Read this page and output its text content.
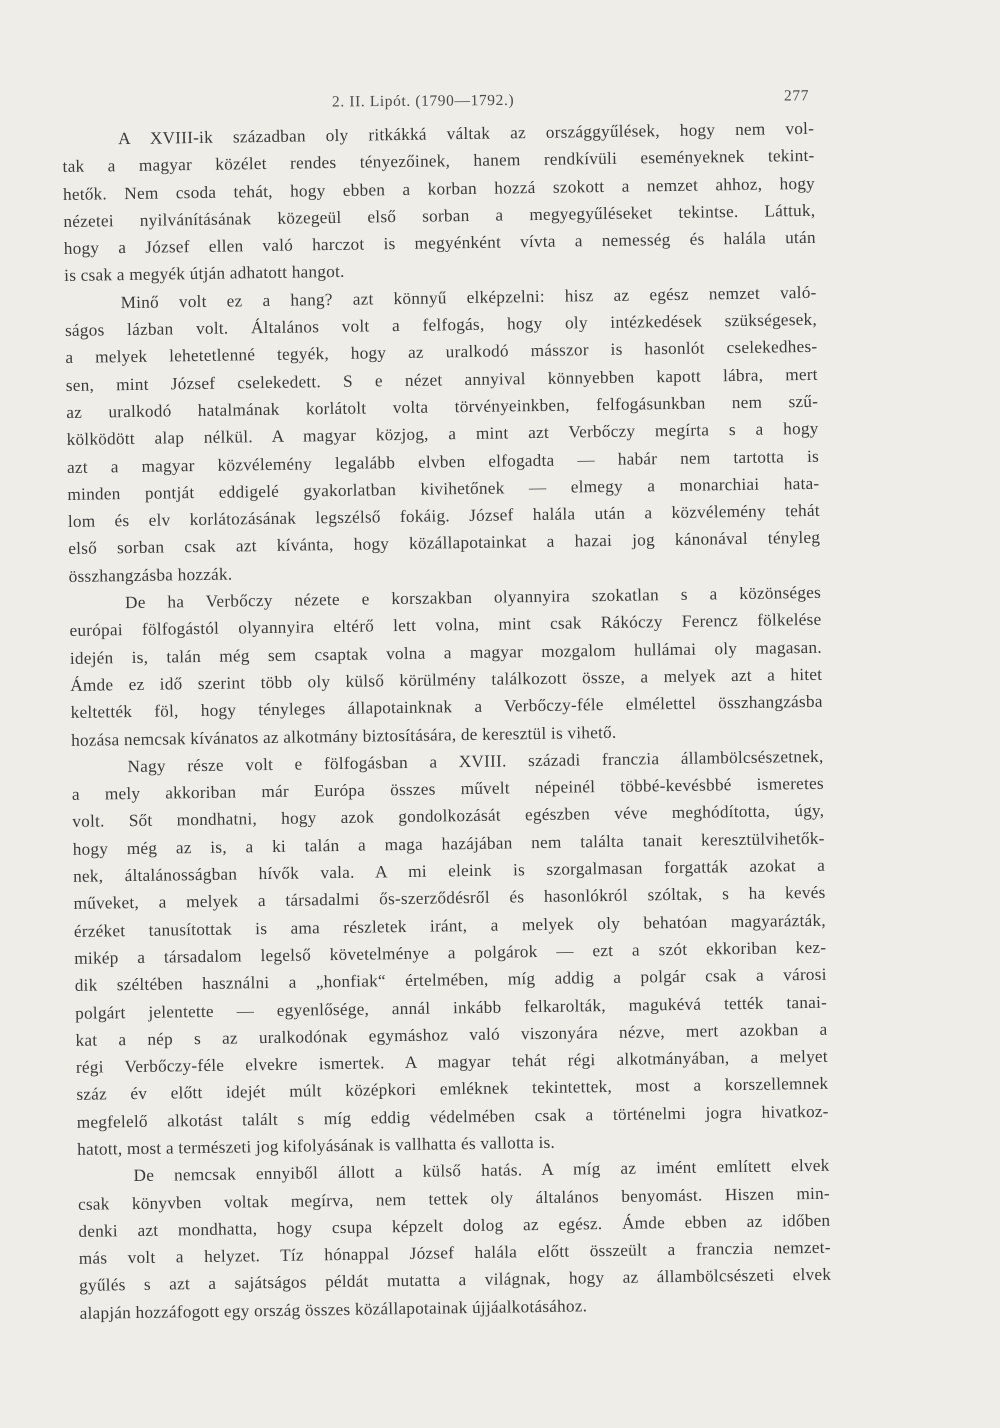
2. II. Lipót. (1790—1792.)	277
A XVIII-ik században oly ritkákká váltak az országgyűlések, hogy nem vol-
tak a magyar közélet rendes tényezőinek, hanem rendkívüli eseményeknek tekint-
hetők. Nem csoda tehát, hogy ebben a korban hozzá szokott a nemzet ahhoz, hogy
nézetei nyilvánításának közegeül első sorban a megyegyűléseket tekintse. Láttuk,
hogy a József ellen való harczot is megyénként vívta a nemesség és halála után
is csak a megyék útján adhatott hangot.
Minő volt ez a hang? azt könnyű elképzelni: hisz az egész nemzet való-
ságos lázban volt. Általános volt a felfogás, hogy oly intézkedések szükségesek,
a melyek lehetetlenné tegyék, hogy az uralkodó másszor is hasonlót cselekedhes-
sen, mint József cselekedett. S e nézet annyival könnyebben kapott lábra, mert
az uralkodó hatalmának korlátolt volta törvényeinkben, felfogásunkban nem szű-
kölködött alap nélkül. A magyar közjog, a mint azt Verbőczy megírta s a hogy
azt a magyar közvélemény legalább elvben elfogadta — habár nem tartotta is
minden pontját eddigelé gyakorlatban kivihetőnek — elmegy a monarchiai hata-
lom és elv korlátozásának legszélső fokáig. József halála után a közvélemény tehát
első sorban csak azt kívánta, hogy közállapotainkat a hazai jog kánonával tényleg
összhangzásba hozzák.
De ha Verbőczy nézete e korszakban olyannyira szokatlan s a közönséges
európai fölfogástól olyannyira eltérő lett volna, mint csak Rákóczy Ferencz fölkelése
idején is, talán még sem csaptak volna a magyar mozgalom hullámai oly magasan.
Ámde ez idő szerint több oly külső körülmény találkozott össze, a melyek azt a hitet
keltették föl, hogy tényleges állapotainknak a Verbőczy-féle elmélettel összhangzásba
hozása nemcsak kívánatos az alkotmány biztosítására, de keresztül is vihető.
Nagy része volt e fölfogásban a XVIII. századi franczia állambölcsészetnek,
a mely akkoriban már Európa összes művelt népeinél többé-kevésbbé ismeretes
volt. Sőt mondhatni, hogy azok gondolkozását egészben véve meghódította, úgy,
hogy még az is, a ki talán a maga hazájában nem találta tanait keresztülvihetők-
nek, általánosságban hívők vala. A mi eleink is szorgalmasan forgatták azokat a
műveket, a melyek a társadalmi ős-szerződésről és hasonlókról szóltak, s ha kevés
érzéket tanusítottak is ama részletek iránt, a melyek oly behatóan magyarázták,
mikép a társadalom legelső követelménye a polgárok — ezt a szót ekkoriban kez-
dik széltében használni a „honfiak“ értelmében, míg addig a polgár csak a városi
polgárt jelentette — egyenlősége, annál inkább felkarolták, magukévá tették tanai-
kat a nép s az uralkodónak egymáshoz való viszonyára nézve, mert azokban a
régi Verbőczy-féle elvekre ismertek. A magyar tehát régi alkotmányában, a melyet
száz év előtt idejét múlt középkori emléknek tekintettek, most a korszellemnek
megfelelő alkotást talált s míg eddig védelmében csak a történelmi jogra hivatkoz-
hatott, most a természeti jog kifolyásának is vallhatta és vallotta is.
De nemcsak ennyiből állott a külső hatás. A míg az imént említett elvek
csak könyvben voltak megírva, nem tettek oly általános benyomást. Hiszen min-
denki azt mondhatta, hogy csupa képzelt dolog az egész. Ámde ebben az időben
más volt a helyzet. Tíz hónappal József halála előtt összeült a franczia nemzet-
gyűlés s azt a sajátságos példát mutatta a világnak, hogy az állambölcsészeti elvek
alapján hozzáfogott egy ország összes közállapotainak újjáalkotásához.
